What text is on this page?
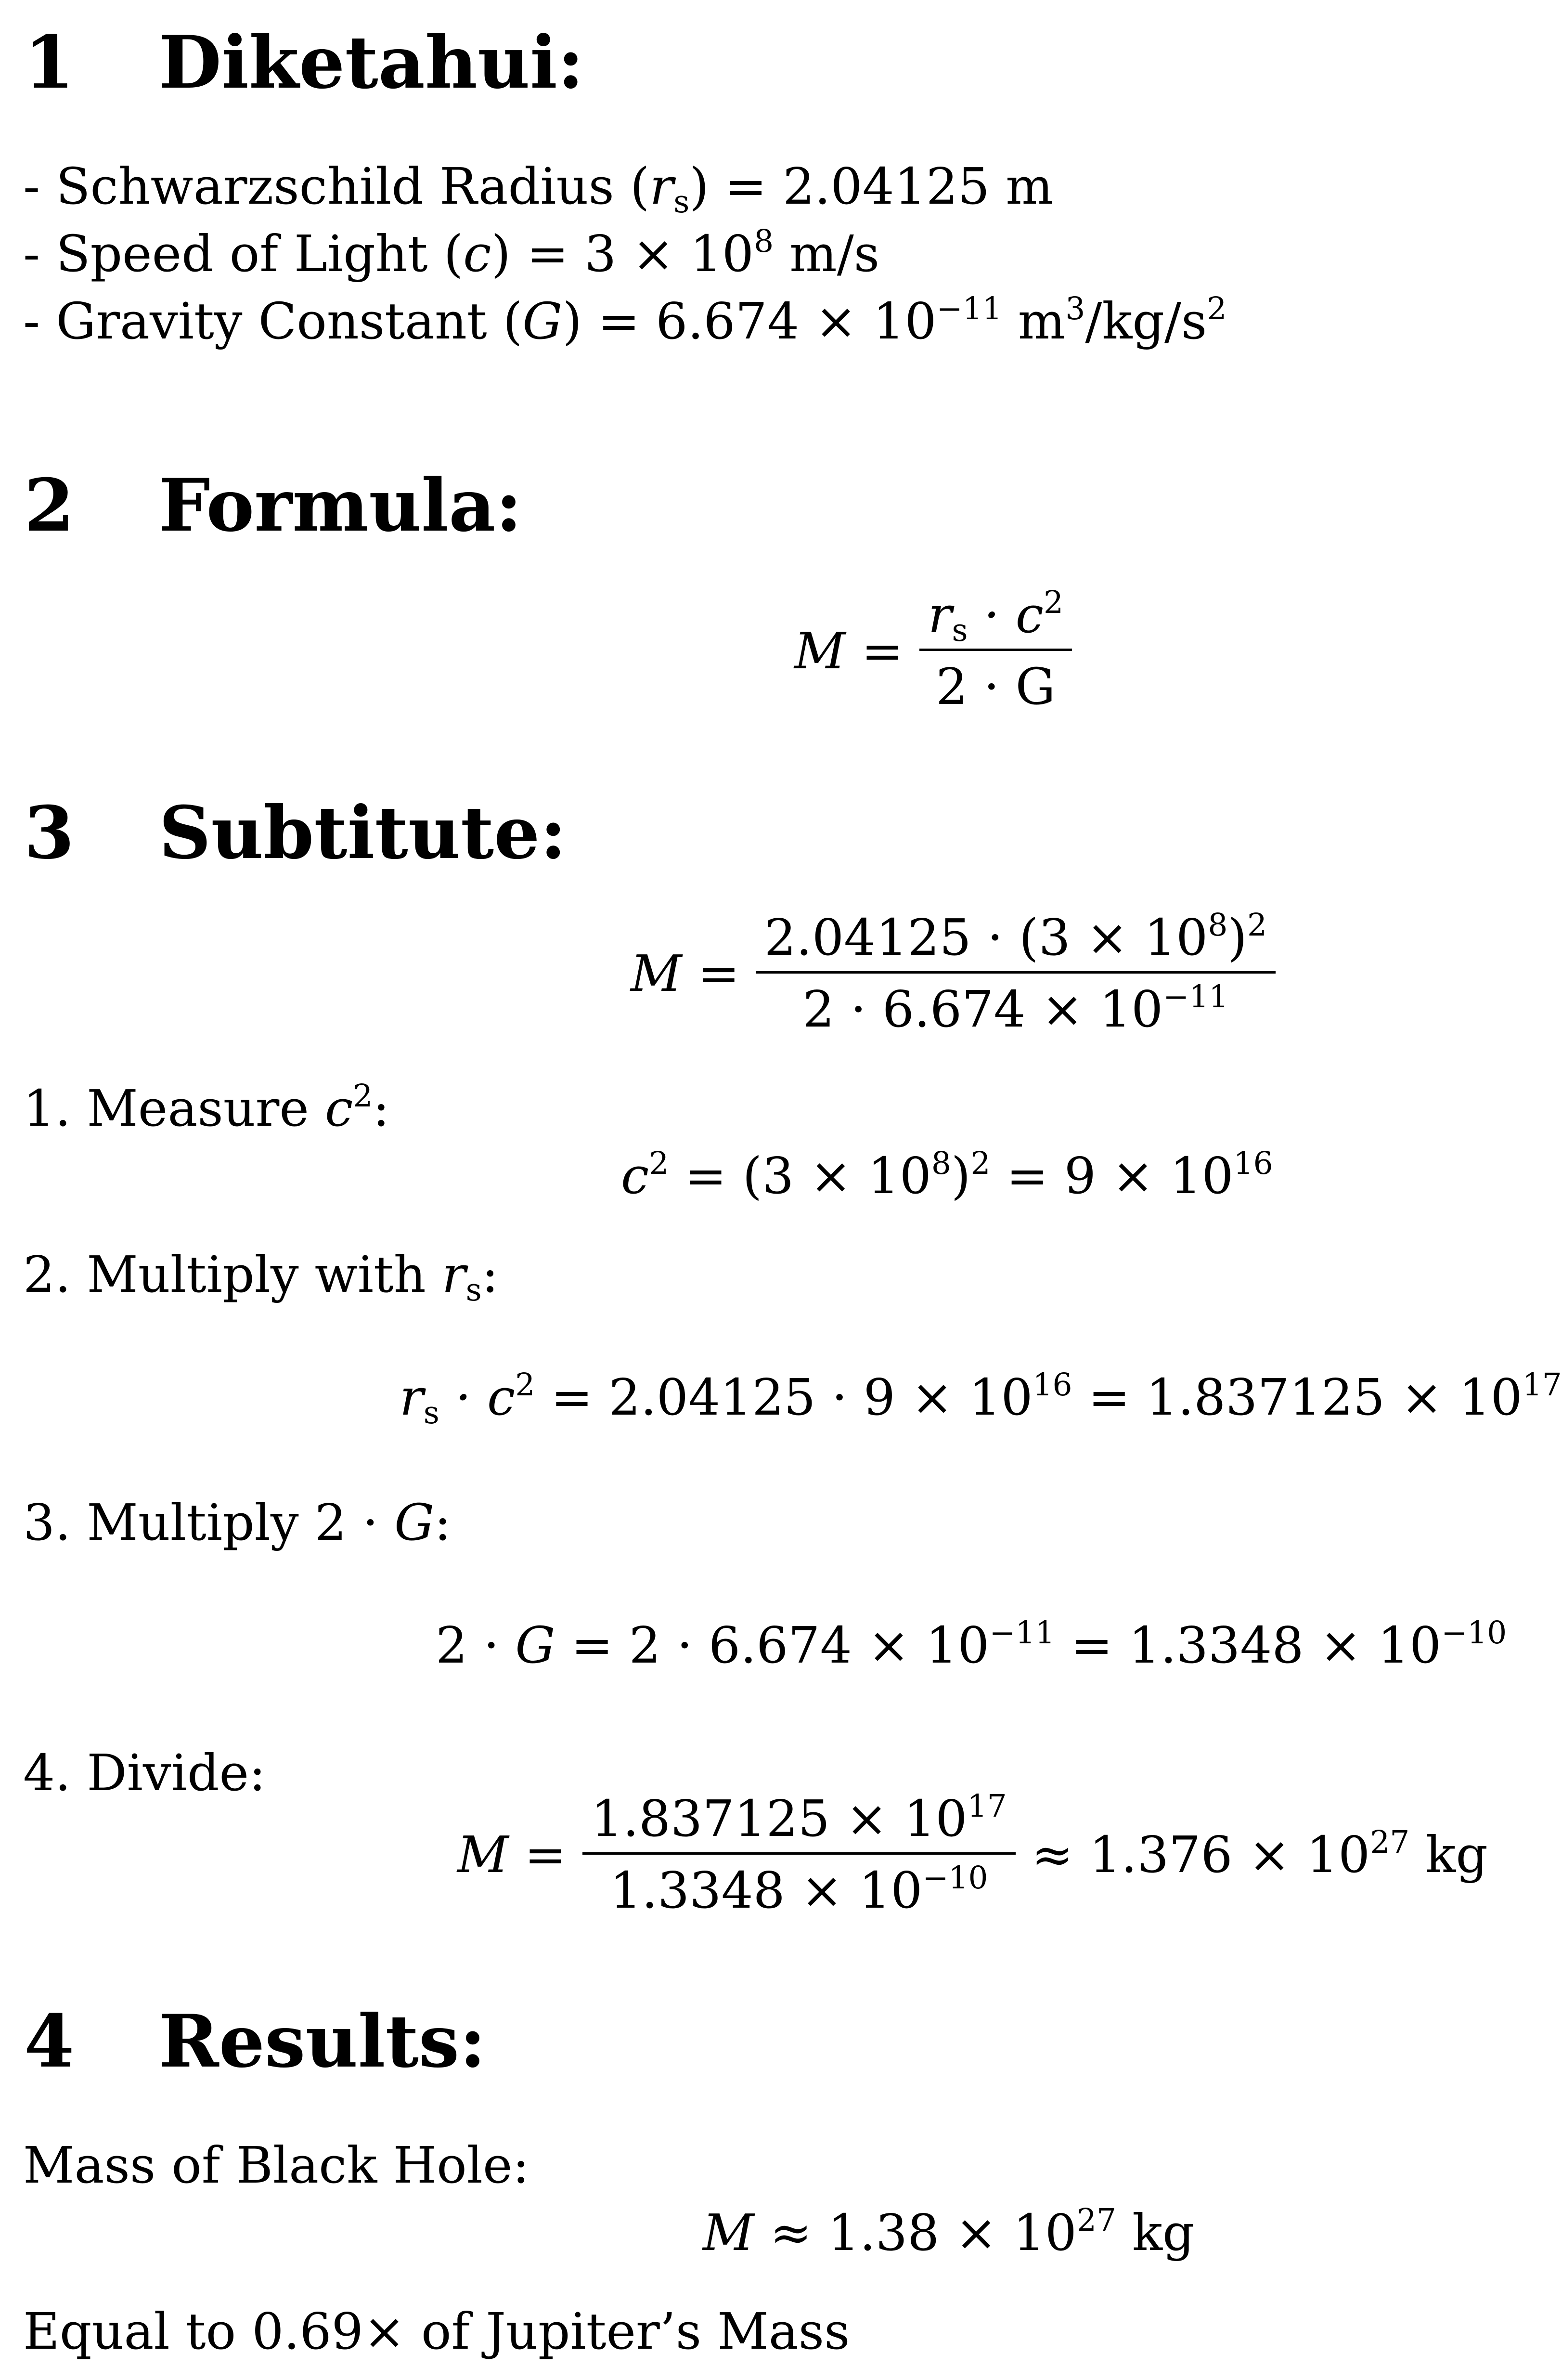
1 Diketahui:
- Schwarzschild Radius $(r_s) = 2.04125$ m
- Speed of Light $(c) = 3 \times 10^8$ m/s
- Gravity Constant $(G) = 6.674 \times 10^{-11}$ $m^3/kg/s^2$
2 Formula:
$M = \frac{r_s \cdot c^2}{2 \cdot G}$
3 Subtitute:
$M = \frac{2.04125 \cdot (3 \times 10^8)^2}{2 \cdot 6.674 \times 10^{-11}}$
1. Measure $c^2$:
$c^2 = (3 \times 10^8)^2 = 9 \times 10^{16}$
2. Multiply with $r_s$:
$r_s \cdot c^2 = 2.04125 \cdot 9 \times 10^{16} = 1.837125 \times 10^{17}$
3. Multiply 2 · G:
$2 \cdot G = 2 \cdot 6.674 \times 10^{-11} = 1.3348 \times 10^{-10}$
4. Divide:
$M = \frac{1.837125 \times 10^{17}}{1.3348 \times 10^{-10}} \approx 1.376 \times 10^{27}$ kg
4 Results:
Mass of Black Hole:
$M \approx 1.38 \times 10^{27}$ kg
Equal to 0.69× of Jupiter’s Mass
